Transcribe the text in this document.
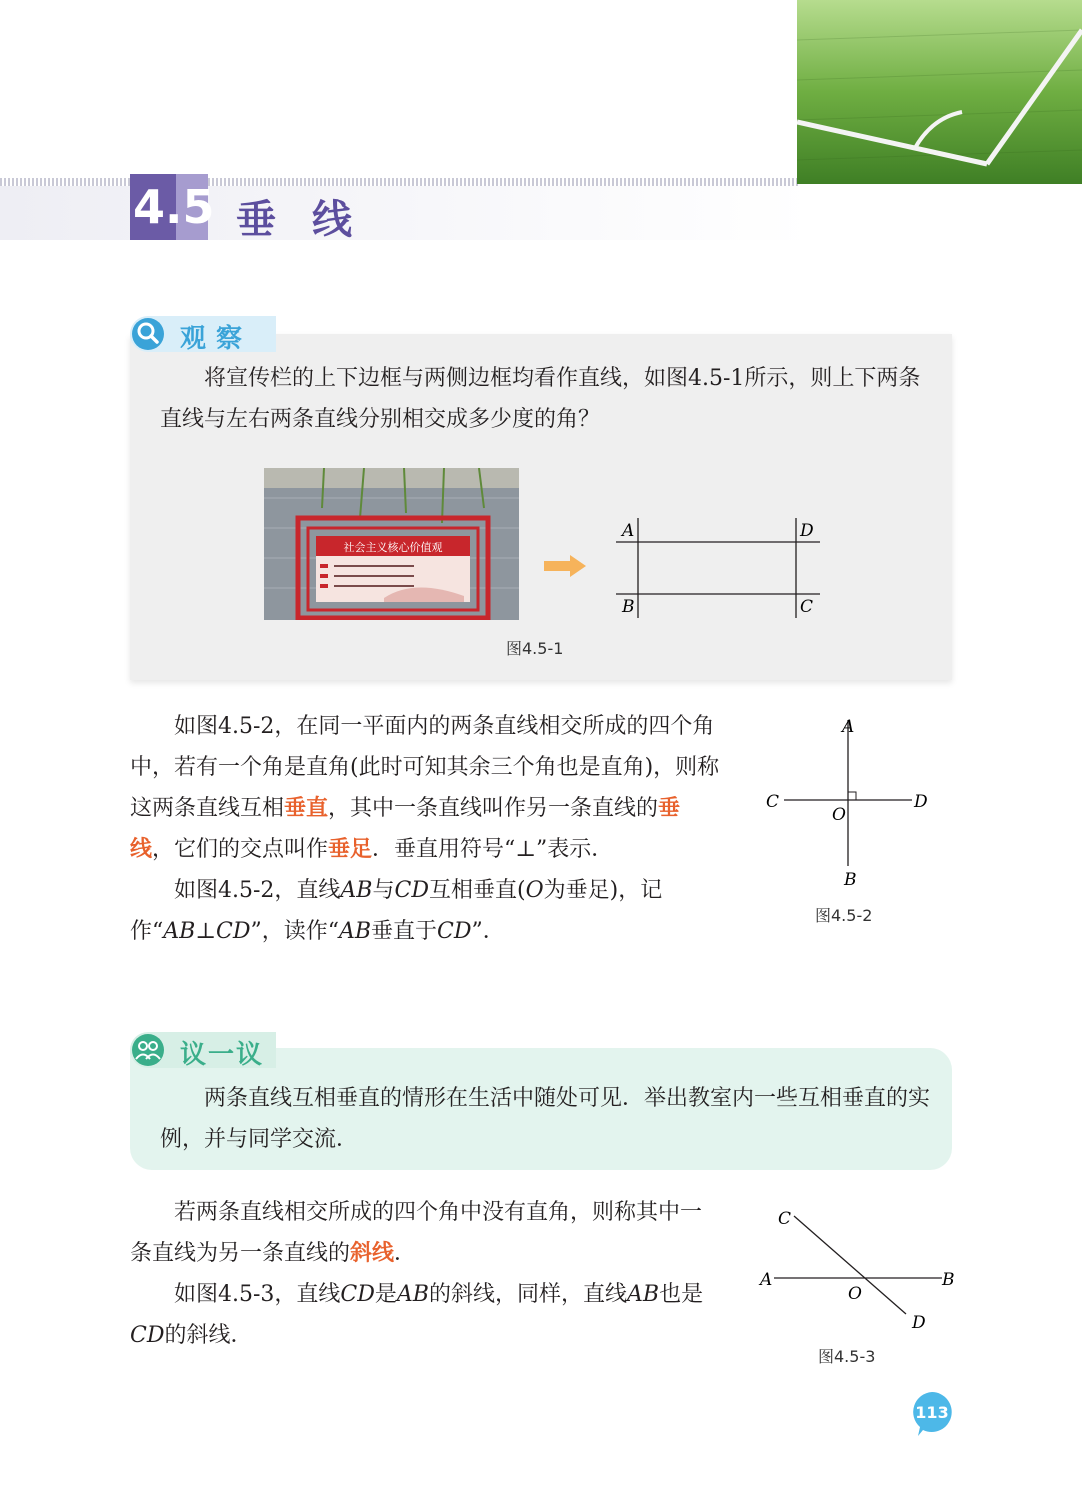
4.5 垂线
观察

将宣传栏的上下边框与两侧边框均看作直线，如图4.5-1所示，则上下两条直线与左右两条直线分别相交成多少度的角？

社会主义核心价值观
A	D
B	C
图4.5-1

如图4.5-2，在同一平面内的两条直线相交所成的四个角中，若有一个角是直角(此时可知其余三个角也是直角)，则称这两条直线互相垂直，其中一条直线叫作另一条直线的垂线，它们的交点叫作垂足．垂直用符号“⊥”表示．

如图4.5-2，直线AB与CD互相垂直(O为垂足)，记作“AB⊥CD”，读作“AB垂直于CD”．

A
B
C	D
O
图4.5-2
议一议

两条直线互相垂直的情形在生活中随处可见．举出教室内一些互相垂直的实例，并与同学交流．

若两条直线相交所成的四个角中没有直角，则称其中一条直线为另一条直线的斜线．

如图4.5-3，直线CD是AB的斜线，同样，直线AB也是CD的斜线．

C
A	B
O
D
图4.5-3
113
